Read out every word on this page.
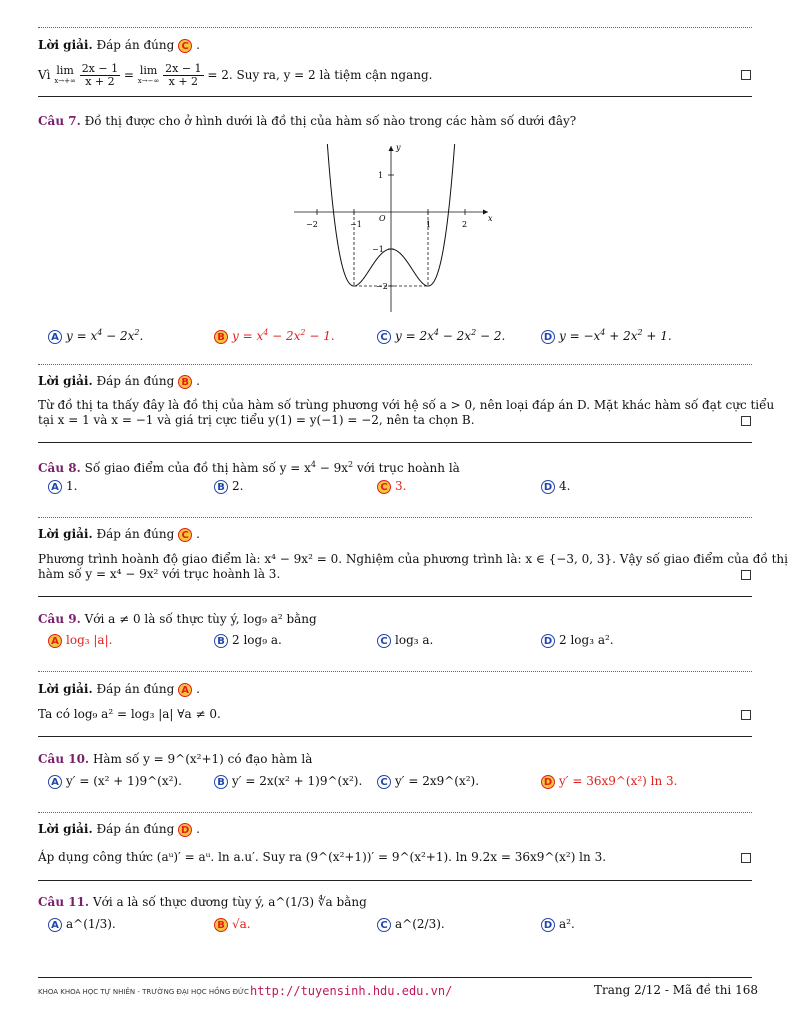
Lời giải. Đáp án đúng C .
Vì lim
x→+∞
$\frac{2x - 1}{x + 2} = \lim$
x→−∞
$\frac{2x - 1}{x + 2} = 2$. Suy ra, y = 2 là tiệm cận ngang.
Câu 7. Đồ thị được cho ở hình dưới là đồ thị của hàm số nào trong các hàm số dưới đây?
−2	−1	1	2
1
−1
−2
O	x
y
A $y = x^4 - 2x^2$.	B $y = x^4 - 2x^2 - 1$.	C $y = 2x^4 - 2x^2 - 2$.	D $y = -x^4 + 2x^2 + 1$.
Lời giải. Đáp án đúng B .
Từ đồ thị ta thấy đây là đồ thị của hàm số trùng phương với hệ số a > 0, nên loại đáp án D. Mặt khác hàm số đạt cực tiểu
tại x = 1 và x = −1 và giá trị cực tiểu y(1) = y(−1) = −2, nên ta chọn B.
Câu 8. Số giao điểm của đồ thị hàm số $y = x^4 - 9x^2$ với trục hoành là
A 1.	B 2.	C 3.	D 4.
Lời giải. Đáp án đúng C .
Phương trình hoành độ giao điểm là: x⁴ − 9x² = 0. Nghiệm của phương trình là: x ∈ {−3, 0, 3}. Vậy số giao điểm của đồ thị
hàm số y = x⁴ − 9x² với trục hoành là 3.
Câu 9. Với a ≠ 0 là số thực tùy ý, log₉ a² bằng
A log₃ |a|.	B 2 log₉ a.	C log₃ a.	D 2 log₃ a².
Lời giải. Đáp án đúng A .
Ta có log₉ a² = log₃ |a| ∀a ≠ 0.
Câu 10. Hàm số y = 9^(x²+1) có đạo hàm là
A y′ = (x² + 1)9^(x²).	B y′ = 2x(x² + 1)9^(x²).	C y′ = 2x9^(x²).	D y′ = 36x9^(x²) ln 3.
Lời giải. Đáp án đúng D .
Áp dụng công thức (aᵘ)′ = aᵘ. ln a.u′. Suy ra (9^(x²+1))′ = 9^(x²+1). ln 9.2x = 36x9^(x²) ln 3.
Câu 11. Với a là số thực dương tùy ý, a^(1/3) ∜a bằng
A a^(1/3).	B √a.	C a^(2/3).	D a².
KHOA KHOA HỌC TỰ NHIÊN - TRƯỜNG ĐẠI HỌC HỒNG ĐỨC http://tuyensinh.hdu.edu.vn/	Trang 2/12 - Mã đề thi 168
